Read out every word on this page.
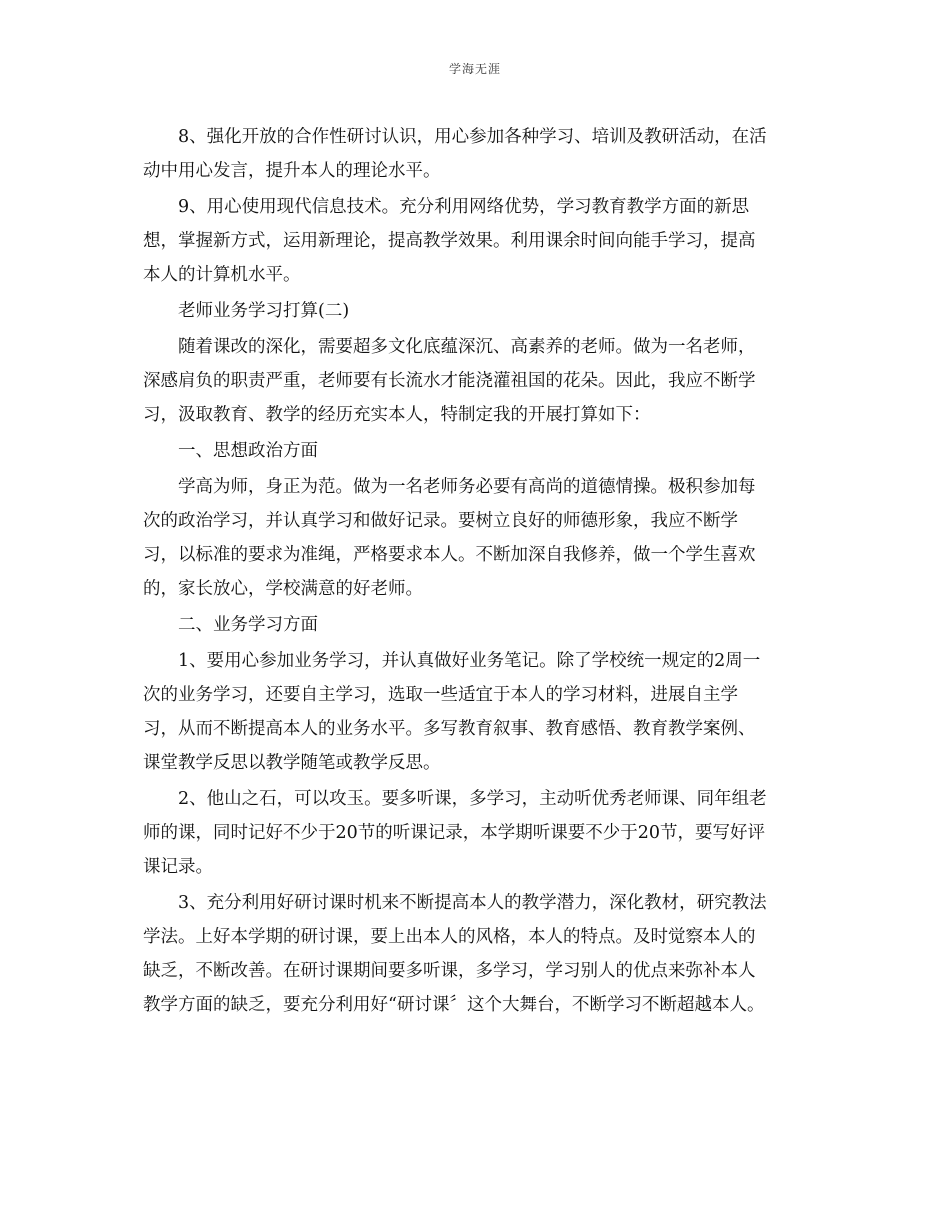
学海无涯
8、强化开放的合作性研讨认识，用心参加各种学习、培训及教研活动，在活
动中用心发言，提升本人的理论水平。
9、用心使用现代信息技术。充分利用网络优势，学习教育教学方面的新思
想，掌握新方式，运用新理论，提高教学效果。利用课余时间向能手学习，提高
本人的计算机水平。
老师业务学习打算(二)
随着课改的深化，需要超多文化底蕴深沉、高素养的老师。做为一名老师，
深感肩负的职责严重，老师要有长流水才能浇灌祖国的花朵。因此，我应不断学
习，汲取教育、教学的经历充实本人，特制定我的开展打算如下：
一、思想政治方面
学高为师，身正为范。做为一名老师务必要有高尚的道德情操。极积参加每
次的政治学习，并认真学习和做好记录。要树立良好的师德形象，我应不断学
习，以标准的要求为准绳，严格要求本人。不断加深自我修养，做一个学生喜欢
的，家长放心，学校满意的好老师。
二、业务学习方面
1、要用心参加业务学习，并认真做好业务笔记。除了学校统一规定的2周一
次的业务学习，还要自主学习，选取一些适宜于本人的学习材料，进展自主学
习，从而不断提高本人的业务水平。多写教育叙事、教育感悟、教育教学案例、
课堂教学反思以教学随笔或教学反思。
2、他山之石，可以攻玉。要多听课，多学习，主动听优秀老师课、同年组老
师的课，同时记好不少于20节的听课记录，本学期听课要不少于20节，要写好评
课记录。
3、充分利用好研讨课时机来不断提高本人的教学潜力，深化教材，研究教法
学法。上好本学期的研讨课，要上出本人的风格，本人的特点。及时觉察本人的
缺乏，不断改善。在研讨课期间要多听课，多学习，学习别人的优点来弥补本人
教学方面的缺乏，要充分利用好“研讨课〞这个大舞台，不断学习不断超越本人。
